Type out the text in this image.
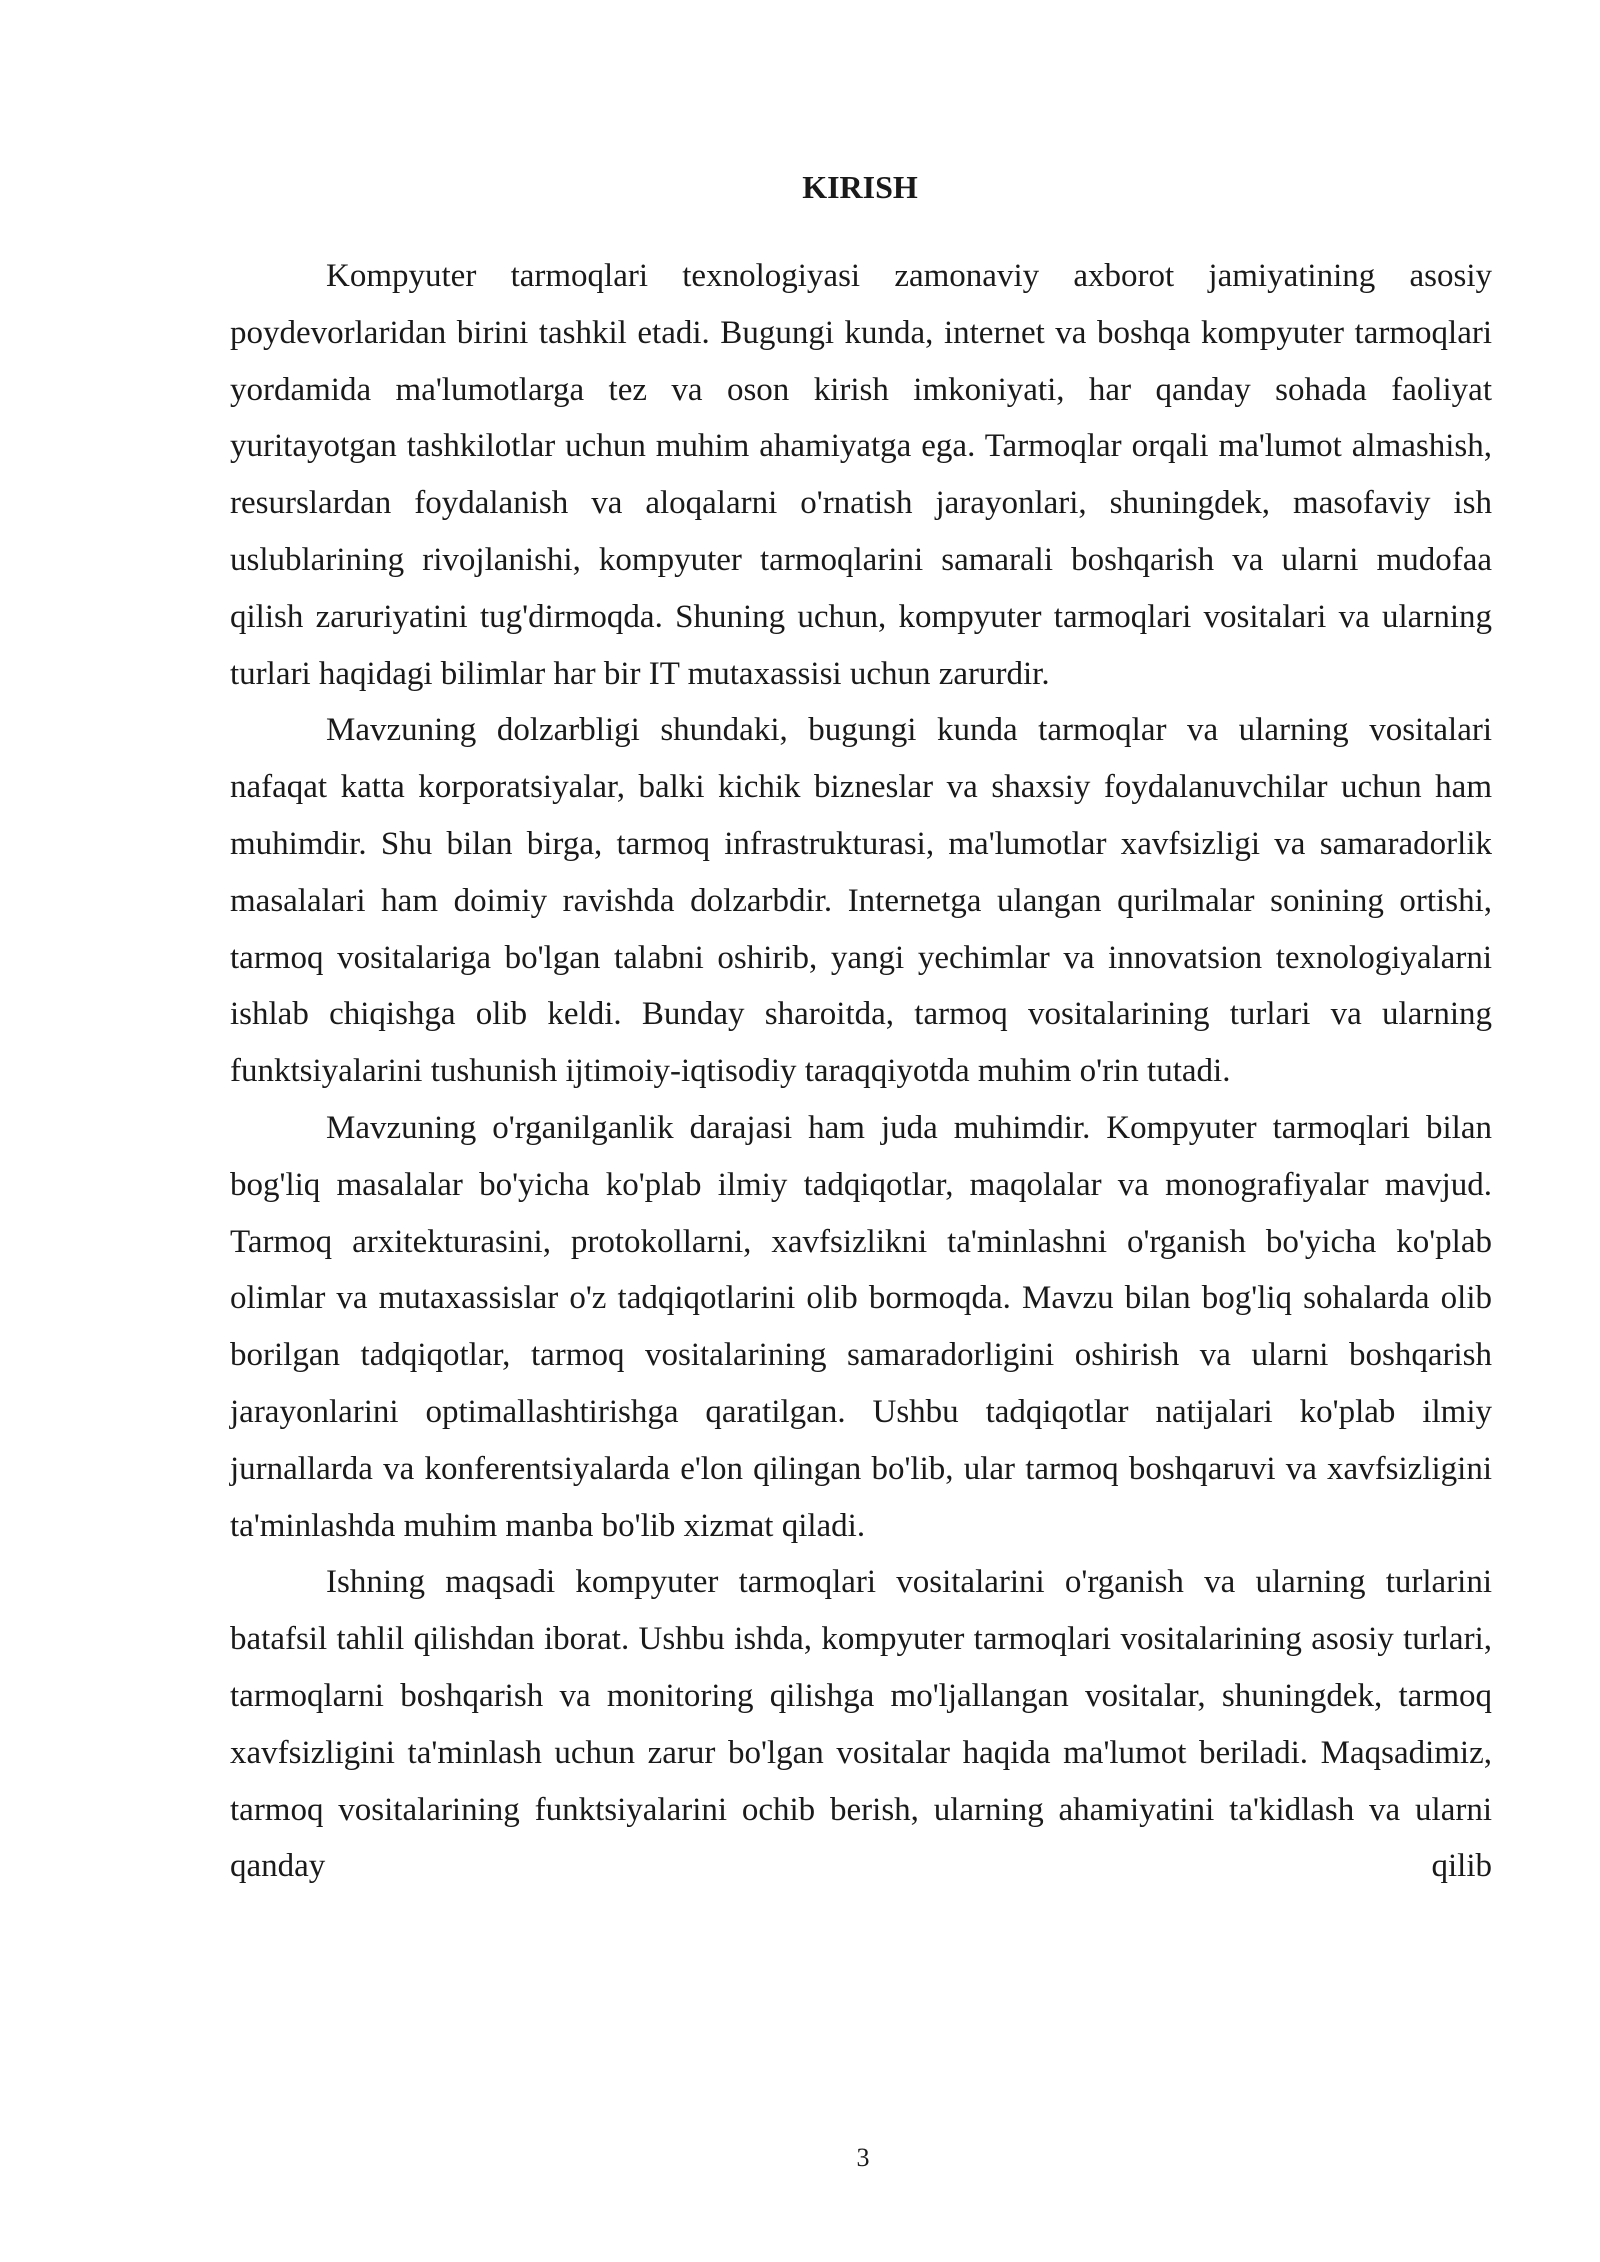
KIRISH

Kompyuter tarmoqlari texnologiyasi zamonaviy axborot jamiyatining asosiy poydevorlaridan birini tashkil etadi. Bugungi kunda, internet va boshqa kompyuter tarmoqlari yordamida ma'lumotlarga tez va oson kirish imkoniyati, har qanday sohada faoliyat yuritayotgan tashkilotlar uchun muhim ahamiyatga ega. Tarmoqlar orqali ma'lumot almashish, resurslardan foydalanish va aloqalarni o'rnatish jarayonlari, shuningdek, masofaviy ish uslublarining rivojlanishi, kompyuter tarmoqlarini samarali boshqarish va ularni mudofaa qilish zaruriyatini tug'dirmoqda. Shuning uchun, kompyuter tarmoqlari vositalari va ularning turlari haqidagi bilimlar har bir IT mutaxassisi uchun zarurdir.

Mavzuning dolzarbligi shundaki, bugungi kunda tarmoqlar va ularning vositalari nafaqat katta korporatsiyalar, balki kichik bizneslar va shaxsiy foydalanuvchilar uchun ham muhimdir. Shu bilan birga, tarmoq infrastrukturasi, ma'lumotlar xavfsizligi va samaradorlik masalalari ham doimiy ravishda dolzarbdir. Internetga ulangan qurilmalar sonining ortishi, tarmoq vositalariga bo'lgan talabni oshirib, yangi yechimlar va innovatsion texnologiyalarni ishlab chiqishga olib keldi. Bunday sharoitda, tarmoq vositalarining turlari va ularning funktsiyalarini tushunish ijtimoiy-iqtisodiy taraqqiyotda muhim o'rin tutadi.

Mavzuning o'rganilganlik darajasi ham juda muhimdir. Kompyuter tarmoqlari bilan bog'liq masalalar bo'yicha ko'plab ilmiy tadqiqotlar, maqolalar va monografiyalar mavjud. Tarmoq arxitekturasini, protokollarni, xavfsizlikni ta'minlashni o'rganish bo'yicha ko'plab olimlar va mutaxassislar o'z tadqiqotlarini olib bormoqda. Mavzu bilan bog'liq sohalarda olib borilgan tadqiqotlar, tarmoq vositalarining samaradorligini oshirish va ularni boshqarish jarayonlarini optimallashtirishga qaratilgan. Ushbu tadqiqotlar natijalari ko'plab ilmiy jurnallarda va konferentsiyalarda e'lon qilingan bo'lib, ular tarmoq boshqaruvi va xavfsizligini ta'minlashda muhim manba bo'lib xizmat qiladi.

Ishning maqsadi kompyuter tarmoqlari vositalarini o'rganish va ularning turlarini batafsil tahlil qilishdan iborat. Ushbu ishda, kompyuter tarmoqlari vositalarining asosiy turlari, tarmoqlarni boshqarish va monitoring qilishga mo'ljallangan vositalar, shuningdek, tarmoq xavfsizligini ta'minlash uchun zarur bo'lgan vositalar haqida ma'lumot beriladi. Maqsadimiz, tarmoq vositalarining funktsiyalarini ochib berish, ularning ahamiyatini ta'kidlash va ularni qanday qilib

3
